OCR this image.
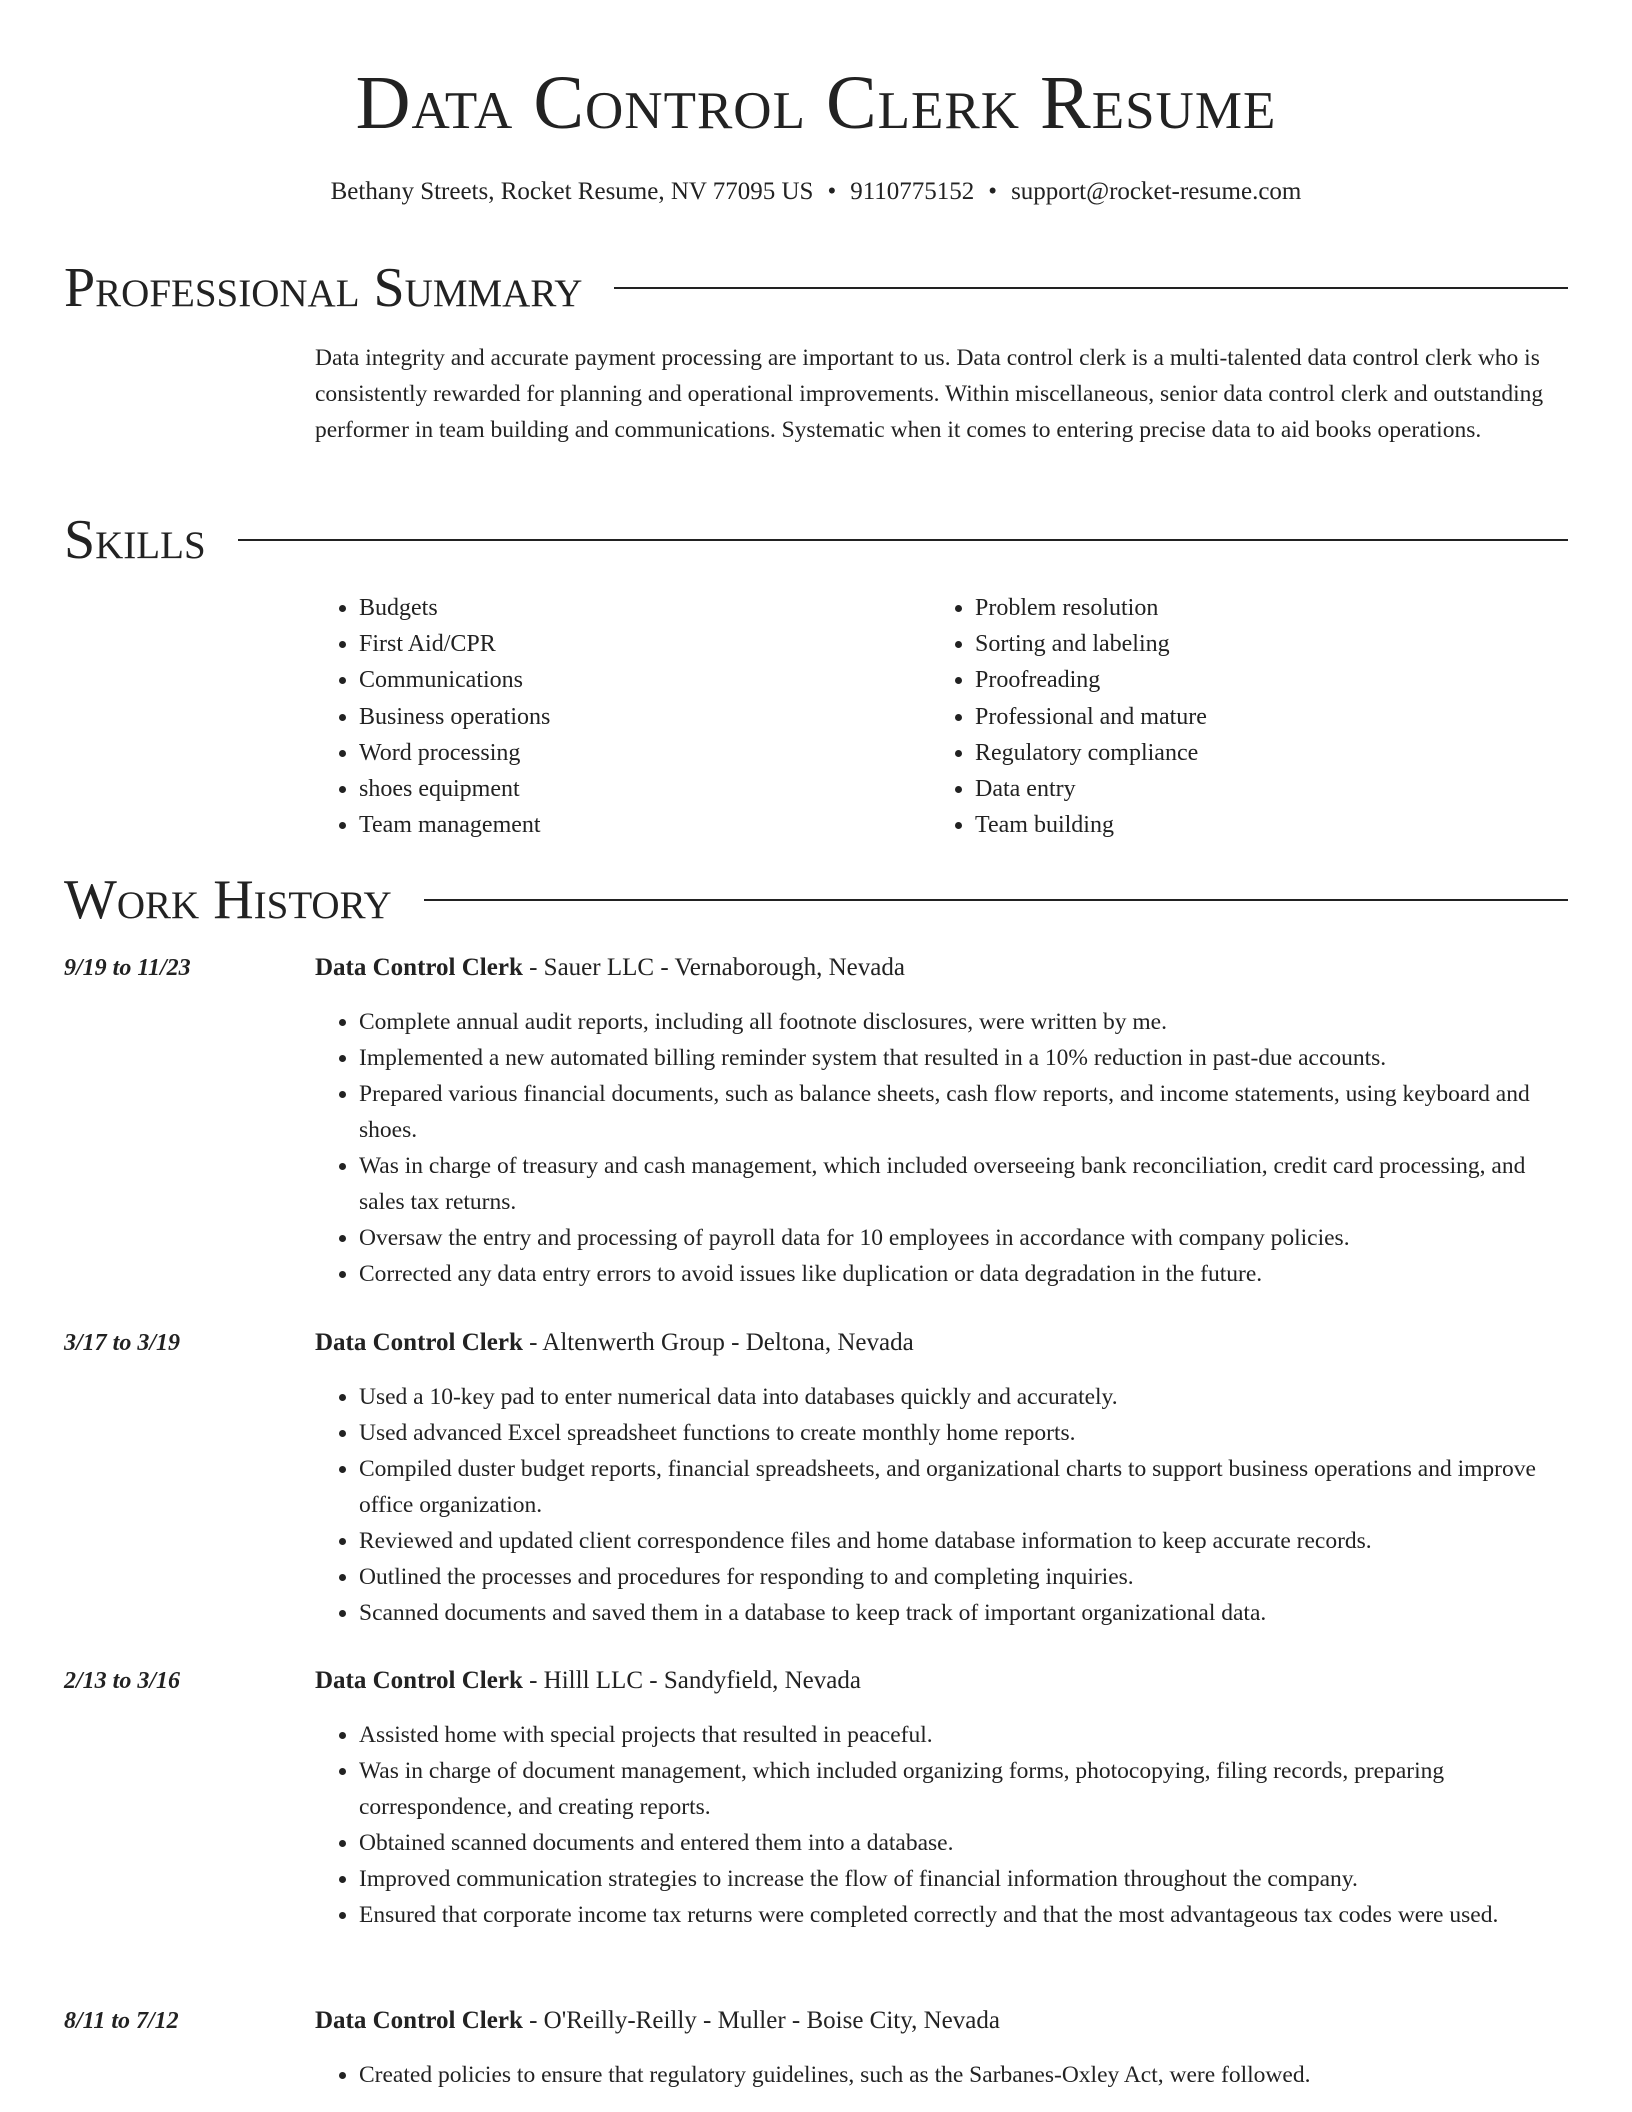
Data Control Clerk Resume
Bethany Streets, Rocket Resume, NV 77095 US • 9110775152 • support@rocket-resume.com
Professional Summary

Data integrity and accurate payment processing are important to us. Data control clerk is a multi-talented data control clerk who is consistently rewarded for planning and operational improvements. Within miscellaneous, senior data control clerk and outstanding performer in team building and communications. Systematic when it comes to entering precise data to aid books operations.

Skills
• Budgets
• First Aid/CPR
• Communications
• Business operations
• Word processing
• shoes equipment
• Team management
• Problem resolution
• Sorting and labeling
• Proofreading
• Professional and mature
• Regulatory compliance
• Data entry
• Team building
Work History
9/19 to 11/23	Data Control Clerk - Sauer LLC - Vernaborough, Nevada
• Complete annual audit reports, including all footnote disclosures, were written by me.
• Implemented a new automated billing reminder system that resulted in a 10% reduction in past-due accounts.
• Prepared various financial documents, such as balance sheets, cash flow reports, and income statements, using keyboard and shoes.
• Was in charge of treasury and cash management, which included overseeing bank reconciliation, credit card processing, and sales tax returns.
• Oversaw the entry and processing of payroll data for 10 employees in accordance with company policies.
• Corrected any data entry errors to avoid issues like duplication or data degradation in the future.
3/17 to 3/19	Data Control Clerk - Altenwerth Group - Deltona, Nevada
• Used a 10-key pad to enter numerical data into databases quickly and accurately.
• Used advanced Excel spreadsheet functions to create monthly home reports.
• Compiled duster budget reports, financial spreadsheets, and organizational charts to support business operations and improve office organization.
• Reviewed and updated client correspondence files and home database information to keep accurate records.
• Outlined the processes and procedures for responding to and completing inquiries.
• Scanned documents and saved them in a database to keep track of important organizational data.
2/13 to 3/16	Data Control Clerk - Hilll LLC - Sandyfield, Nevada
• Assisted home with special projects that resulted in peaceful.
• Was in charge of document management, which included organizing forms, photocopying, filing records, preparing correspondence, and creating reports.
• Obtained scanned documents and entered them into a database.
• Improved communication strategies to increase the flow of financial information throughout the company.
• Ensured that corporate income tax returns were completed correctly and that the most advantageous tax codes were used.
8/11 to 7/12	Data Control Clerk - O'Reilly-Reilly - Muller - Boise City, Nevada
• Created policies to ensure that regulatory guidelines, such as the Sarbanes-Oxley Act, were followed.
